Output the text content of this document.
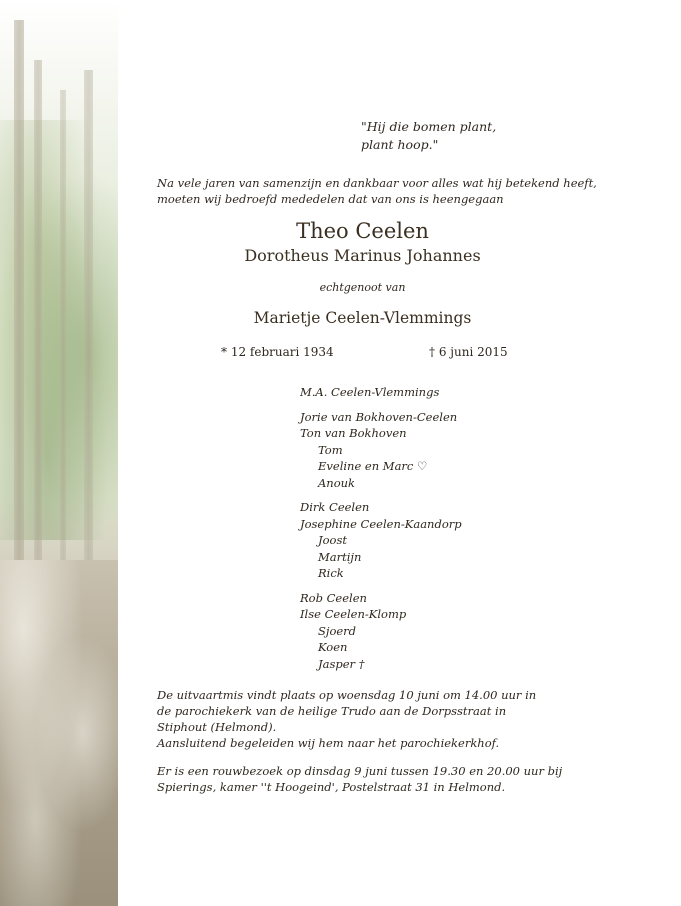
"Hij die bomen plant,
plant hoop."
Na vele jaren van samenzijn en dankbaar voor alles wat hij betekend heeft,
moeten wij bedroefd mededelen dat van ons is heengegaan
Theo Ceelen
Dorotheus Marinus Johannes
echtgenoot van
Marietje Ceelen-Vlemmings
* 12 februari 1934	† 6 juni 2015
M.A. Ceelen-Vlemmings
Jorie van Bokhoven-Ceelen
Ton van Bokhoven
Tom
Eveline en Marc ♡
Anouk
Dirk Ceelen
Josephine Ceelen-Kaandorp
Joost
Martijn
Rick
Rob Ceelen
Ilse Ceelen-Klomp
Sjoerd
Koen
Jasper †
De uitvaartmis vindt plaats op woensdag 10 juni om 14.00 uur in
de parochiekerk van de heilige Trudo aan de Dorpsstraat in
Stiphout (Helmond).
Aansluitend begeleiden wij hem naar het parochiekerkhof.
Er is een rouwbezoek op dinsdag 9 juni tussen 19.30 en 20.00 uur bij
Spierings, kamer ''t Hoogeind', Postelstraat 31 in Helmond.
